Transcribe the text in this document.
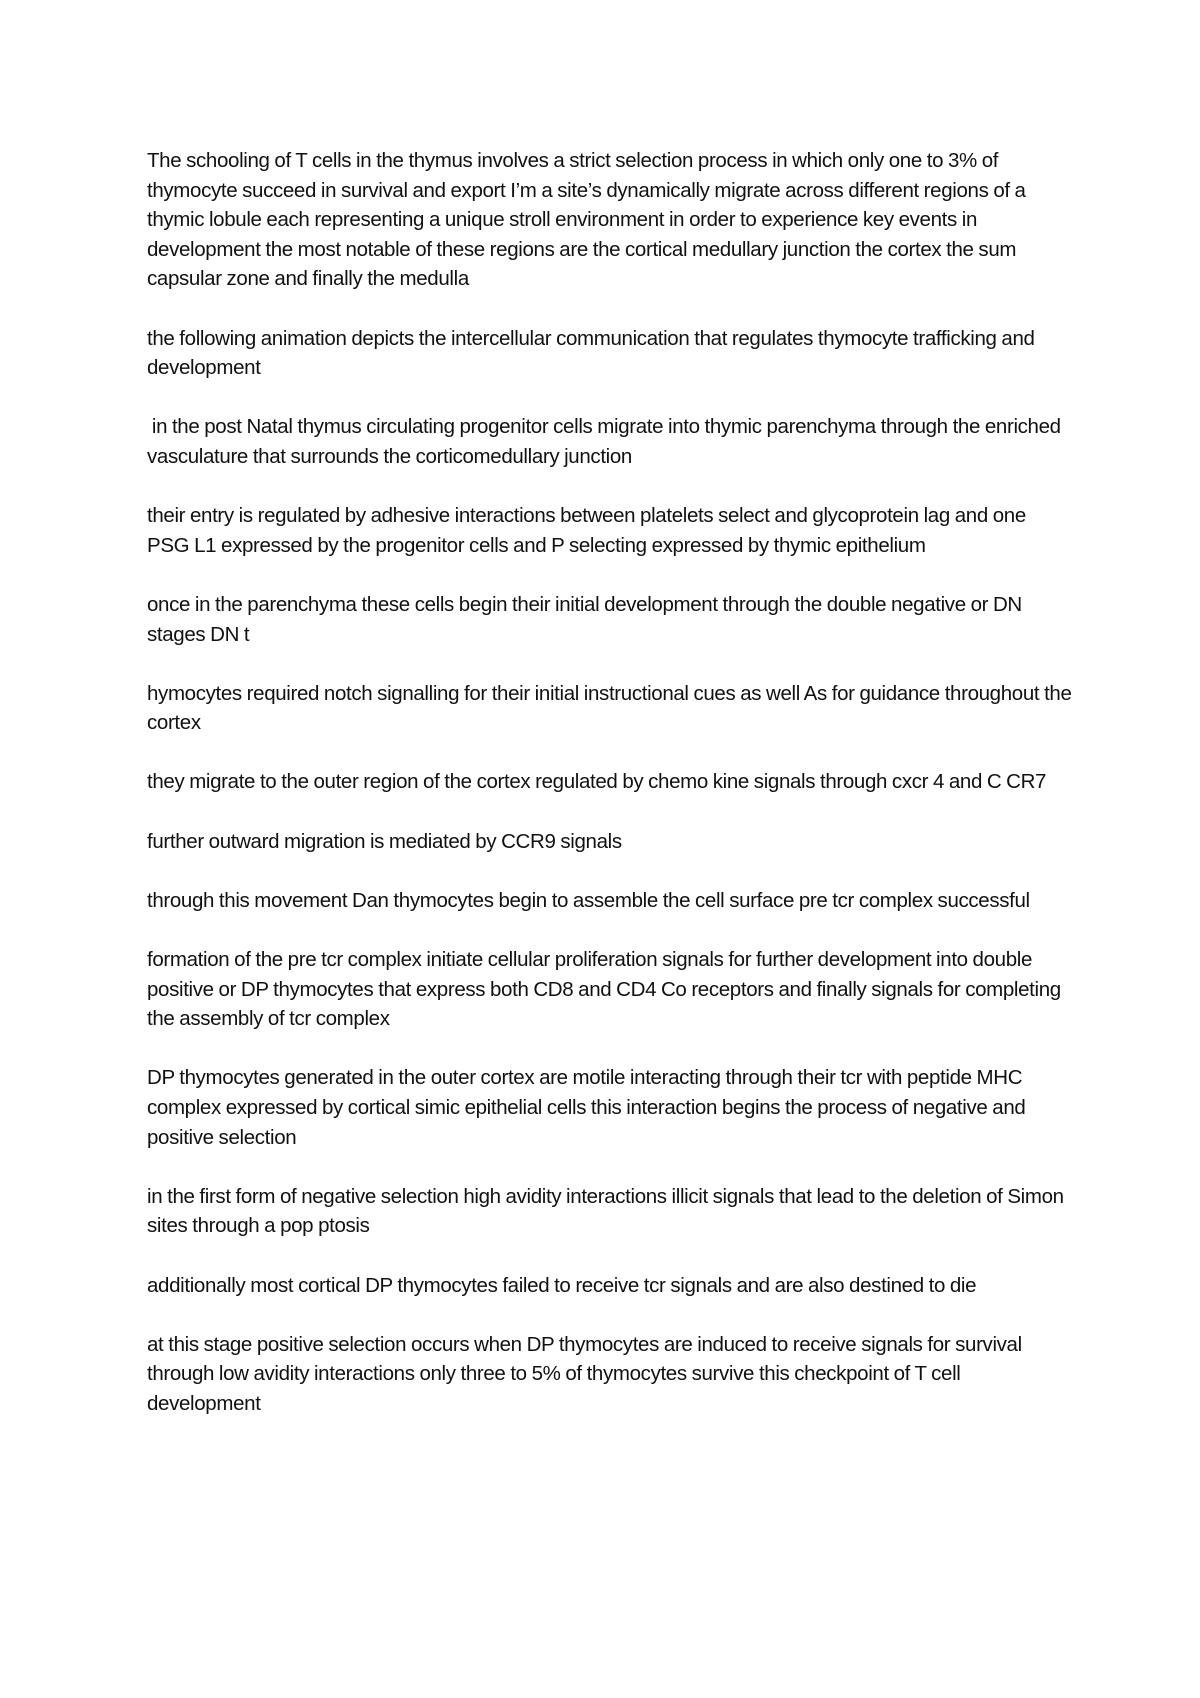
The schooling of T cells in the thymus involves a strict selection process in which only one to 3% of thymocyte succeed in survival and export I’m a site’s dynamically migrate across different regions of a thymic lobule each representing a unique stroll environment in order to experience key events in development the most notable of these regions are the cortical medullary junction the cortex the sum capsular zone and finally the medulla

the following animation depicts the intercellular communication that regulates thymocyte trafficking and development

in the post Natal thymus circulating progenitor cells migrate into thymic parenchyma through the enriched vasculature that surrounds the corticomedullary junction

their entry is regulated by adhesive interactions between platelets select and glycoprotein lag and one PSG L1 expressed by the progenitor cells and P selecting expressed by thymic epithelium

once in the parenchyma these cells begin their initial development through the double negative or DN stages DN t

hymocytes required notch signalling for their initial instructional cues as well As for guidance throughout the cortex

they migrate to the outer region of the cortex regulated by chemo kine signals through cxcr 4 and C CR7

further outward migration is mediated by CCR9 signals

through this movement Dan thymocytes begin to assemble the cell surface pre tcr complex successful

formation of the pre tcr complex initiate cellular proliferation signals for further development into double positive or DP thymocytes that express both CD8 and CD4 Co receptors and finally signals for completing the assembly of tcr complex

DP thymocytes generated in the outer cortex are motile interacting through their tcr with peptide MHC complex expressed by cortical simic epithelial cells this interaction begins the process of negative and positive selection

in the first form of negative selection high avidity interactions illicit signals that lead to the deletion of Simon sites through a pop ptosis

additionally most cortical DP thymocytes failed to receive tcr signals and are also destined to die

at this stage positive selection occurs when DP thymocytes are induced to receive signals for survival through low avidity interactions only three to 5% of thymocytes survive this checkpoint of T cell development
